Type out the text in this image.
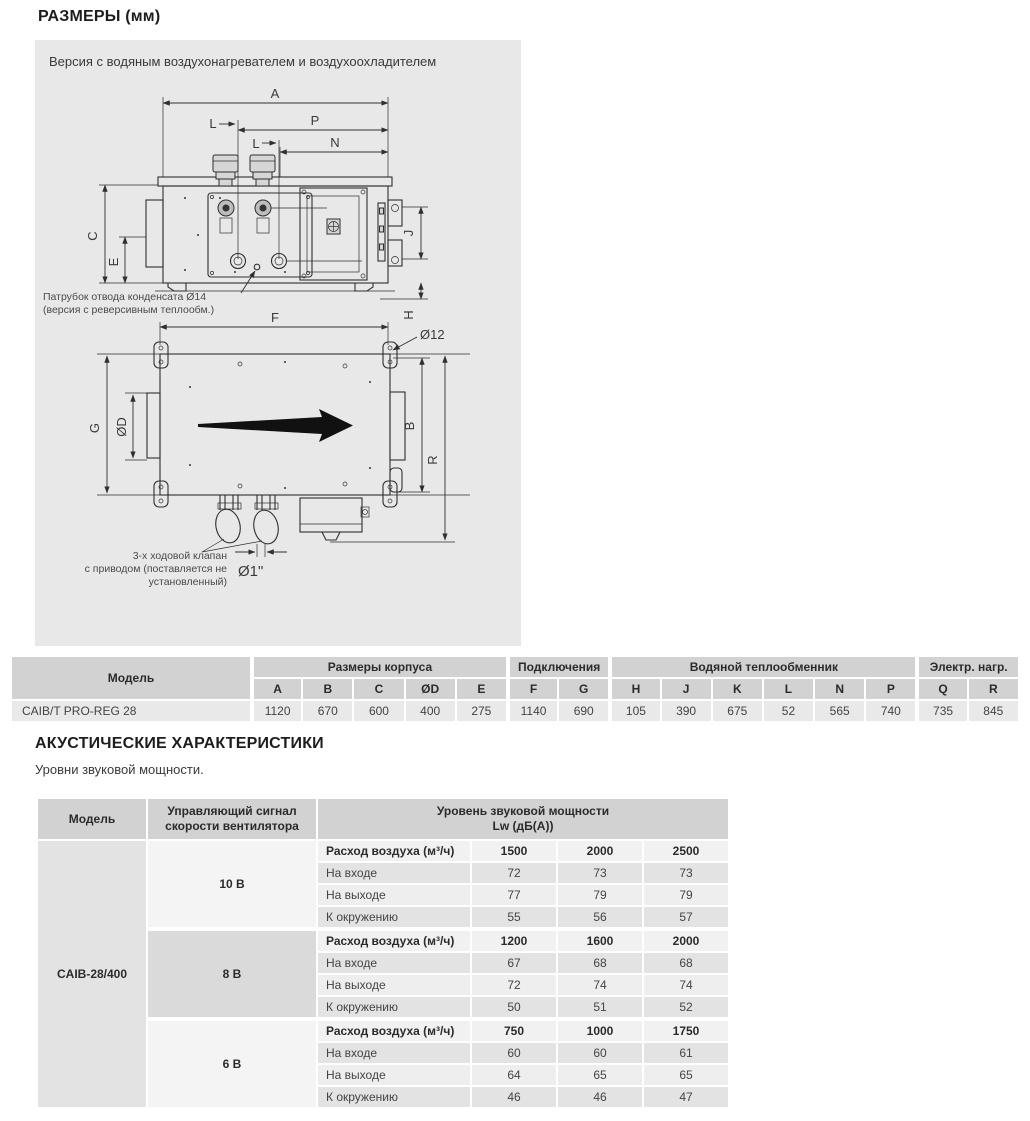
РАЗМЕРЫ (мм)
Версия с водяным воздухонагревателем и воздухоохладителем
A
P
L
L	N
C
E
J
H
Патрубок отвода конденсата Ø14
(версия с реверсивным теплообм.)	F
Ø12
G ØD	B
R
Ø1"
3-х ходовой клапан
с приводом (поставляется не
установленный)
Модель	Размеры корпуса					Подключения		Водяной теплообменник						Электр. нагр.	
	A	B	C	ØD	E	F	G	H	J	K	L	N	P	Q	R
CAIB/T PRO-REG 28	1120	670	600	400	275	1140	690	105	390	675	52	565	740	735	845
АКУСТИЧЕСКИЕ ХАРАКТЕРИСТИКИ
Уровни звуковой мощности.
Модель	Управляющий сигнал скорости вентилятора	Уровень звуковой мощности
Lw (дБ(A))			

CAIB-28/400	10 В	Расход воздуха (м³/ч)	1500	2000	2500
		На входе	72	73	73
		На выходе	77	79	79
		К окружению	55	56	57
	8 В	Расход воздуха (м³/ч)	1200	1600	2000
		На входе	67	68	68
		На выходе	72	74	74
		К окружению	50	51	52
	6 В	Расход воздуха (м³/ч)	750	1000	1750
		На входе	60	60	61
		На выходе	64	65	65
		К окружению	46	46	47
